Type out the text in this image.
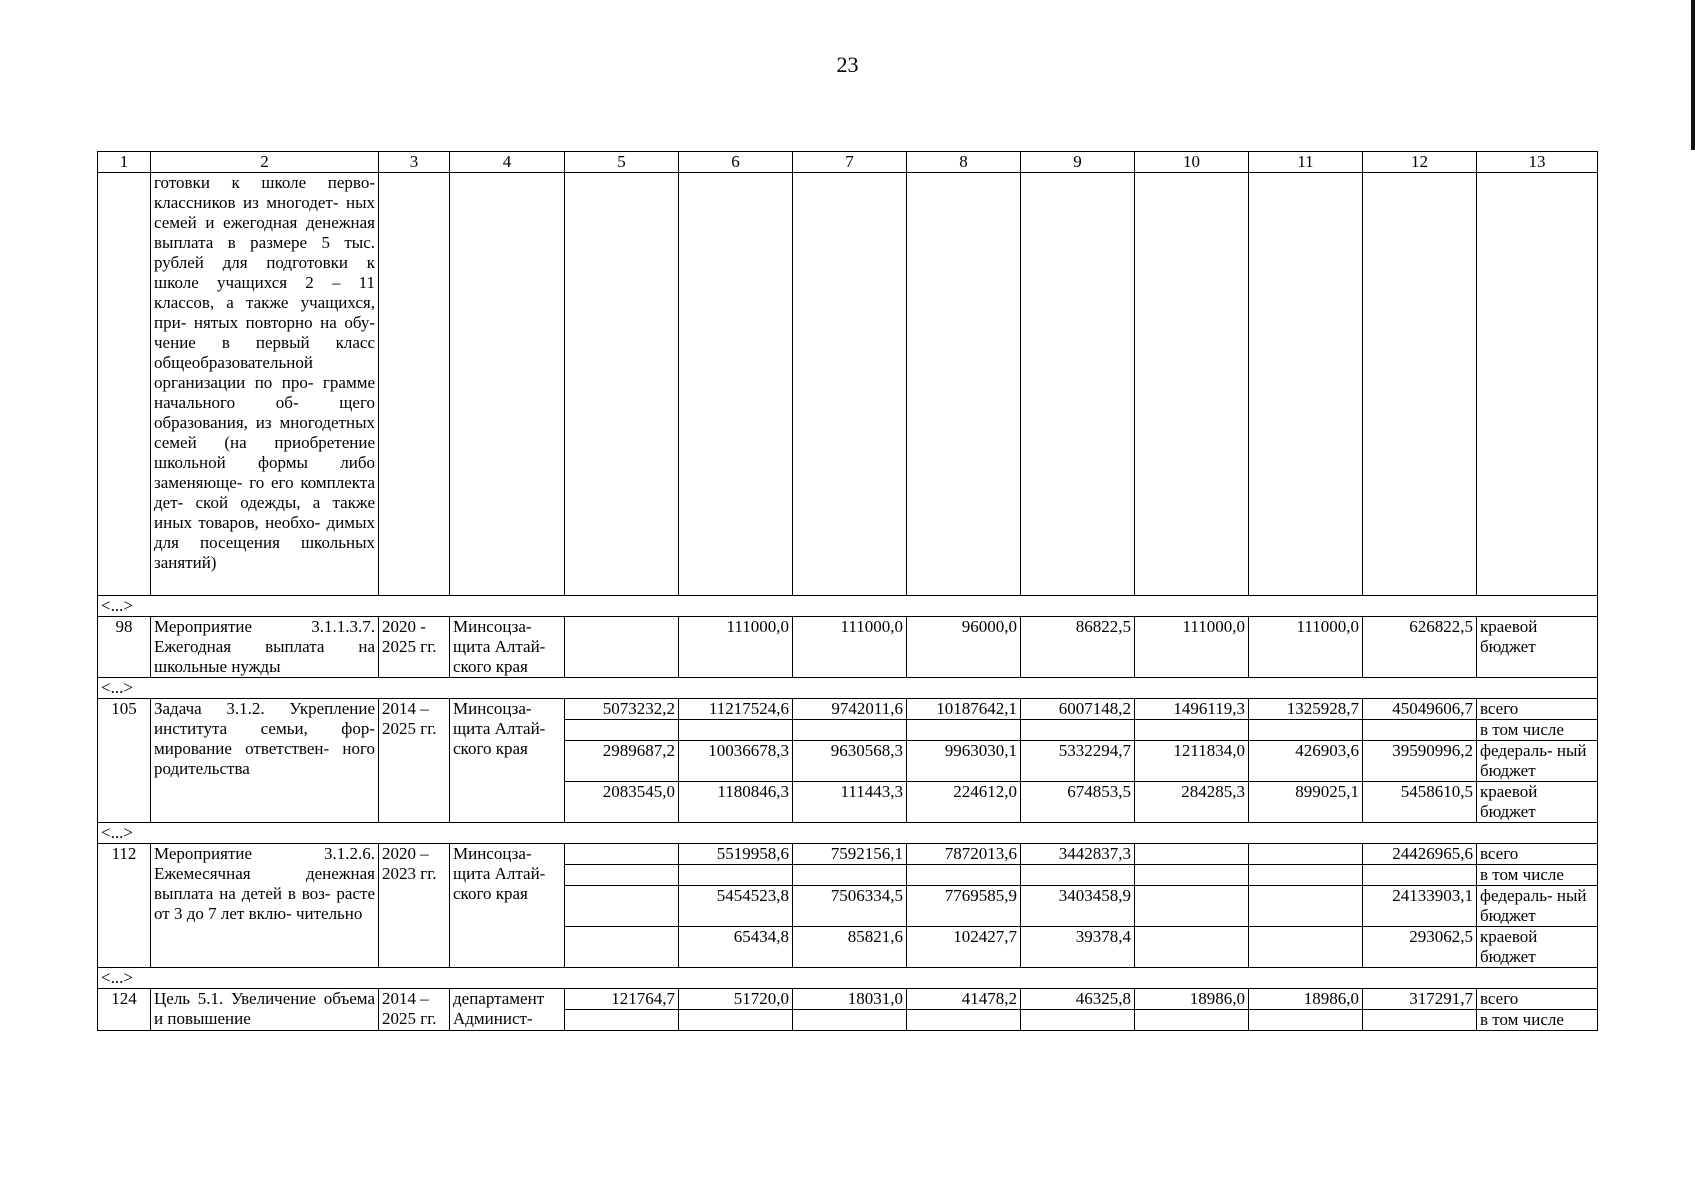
23
1	2	3	4	5	6	7	8	9	10	11	12	13
	готовки к школе перво- классников из многодет- ных семей и ежегодная денежная выплата в размере 5 тыс. рублей для подготовки к школе учащихся 2 – 11 классов, а также учащихся, при- нятых повторно на обу- чение в первый класс общеобразовательной организации по про- грамме начального об- щего образования, из многодетных семей (на приобретение школьной формы либо заменяюще- го его комплекта дет- ской одежды, а также иных товаров, необхо- димых для посещения школьных занятий)											
<...>												
98	Мероприятие 3.1.1.3.7. Ежегодная выплата на школьные нужды	2020 - 2025 гг.	Минсоцза- щита Алтай- ского края		111000,0	111000,0	96000,0	86822,5	111000,0	111000,0	626822,5	краевой бюджет
<...>												
105	Задача 3.1.2. Укрепление института семьи, фор- мирование ответствен- ного родительства	2014 – 2025 гг.	Минсоцза- щита Алтай- ского края	5073232,2	11217524,6	9742011,6	10187642,1	6007148,2	1496119,3	1325928,7	45049606,7	всего
												в том числе
				2989687,2	10036678,3	9630568,3	9963030,1	5332294,7	1211834,0	426903,6	39590996,2	федераль- ный бюджет
				2083545,0	1180846,3	111443,3	224612,0	674853,5	284285,3	899025,1	5458610,5	краевой бюджет
<...>												
112	Мероприятие 3.1.2.6. Ежемесячная денежная выплата на детей в воз- расте от 3 до 7 лет вклю- чительно	2020 – 2023 гг.	Минсоцза- щита Алтай- ского края		5519958,6	7592156,1	7872013,6	3442837,3			24426965,6	всего
												в том числе
					5454523,8	7506334,5	7769585,9	3403458,9			24133903,1	федераль- ный бюджет
					65434,8	85821,6	102427,7	39378,4			293062,5	краевой бюджет
<...>												
124	Цель 5.1. Увеличение объема и повышение	2014 – 2025 гг.	департамент Админист-	121764,7	51720,0	18031,0	41478,2	46325,8	18986,0	18986,0	317291,7	всего
												в том числе
